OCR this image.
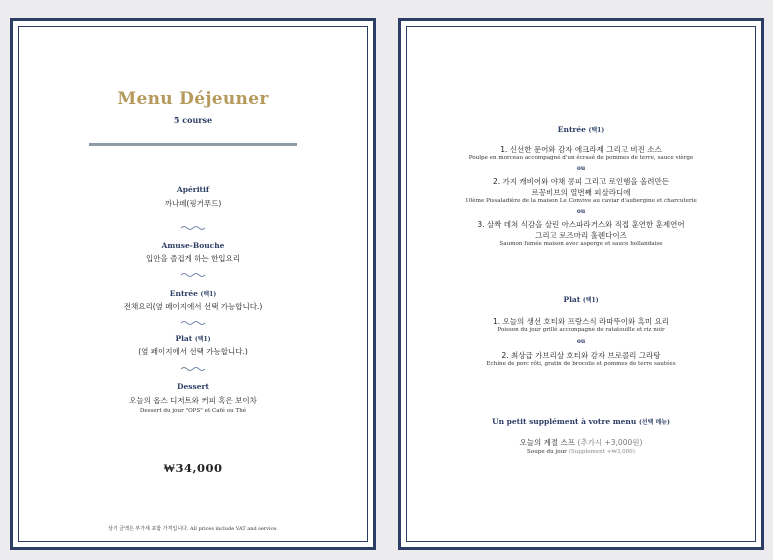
Menu Déjeuner
5 course
Apéritif
까나페(핑거푸드)
Amuse-Bouche
입안을 즐겁게 하는 한입요리
Entrée (택1)
전채요리(옆 페이지에서 선택 가능합니다.)
Plat (택1)
(옆 페이지에서 선택 가능합니다.)
Dessert
오늘의 옵스 디저트와 커피 혹은 보이차
Dessert du jour "OPS" et Café ou Thé
₩34,000
상기 금액은 부가세 포함 가격입니다. All prices include VAT and service.
Entrée (택1)
1. 신선한 문어와 감자 에크라제 그리고 비진 소스
Poulpe en morceau accompagné d'un écrasé de pommes de terre, sauce vièrge
ou
2. 가지 캐비어와 야채 콩피 그리고 로인햄을 올려만든
르꽁비브의 열번째 피살라디에
10ème Pissaladière de la maison Le Convive au caviar d'aubergine et charcuterie
ou
3. 살짝 데쳐 식감을 살린 아스파라거스와 직접 훈연한 훈제연어
그리고 로즈마리 홀렌다이즈
Saumon fumée maison avec asperge et sauce hollandaise
Plat (택1)
1. 오늘의 생선 호티와 프랑스식 라따뚜이와 흑미 요리
Poisson du jour grillé accompagné de ratatouille et riz noir
ou
2. 최상급 가브리살 호티와 감자 브로콜리 그라탕
Echine de porc rôti, gratin de brocolis et pommes de terre sautées
Un petit supplément à votre menu (선택 메뉴)
오늘의 계절 스프 (추가시 +3,000원)
Soupe du jour (Supplement +₩3,000)
